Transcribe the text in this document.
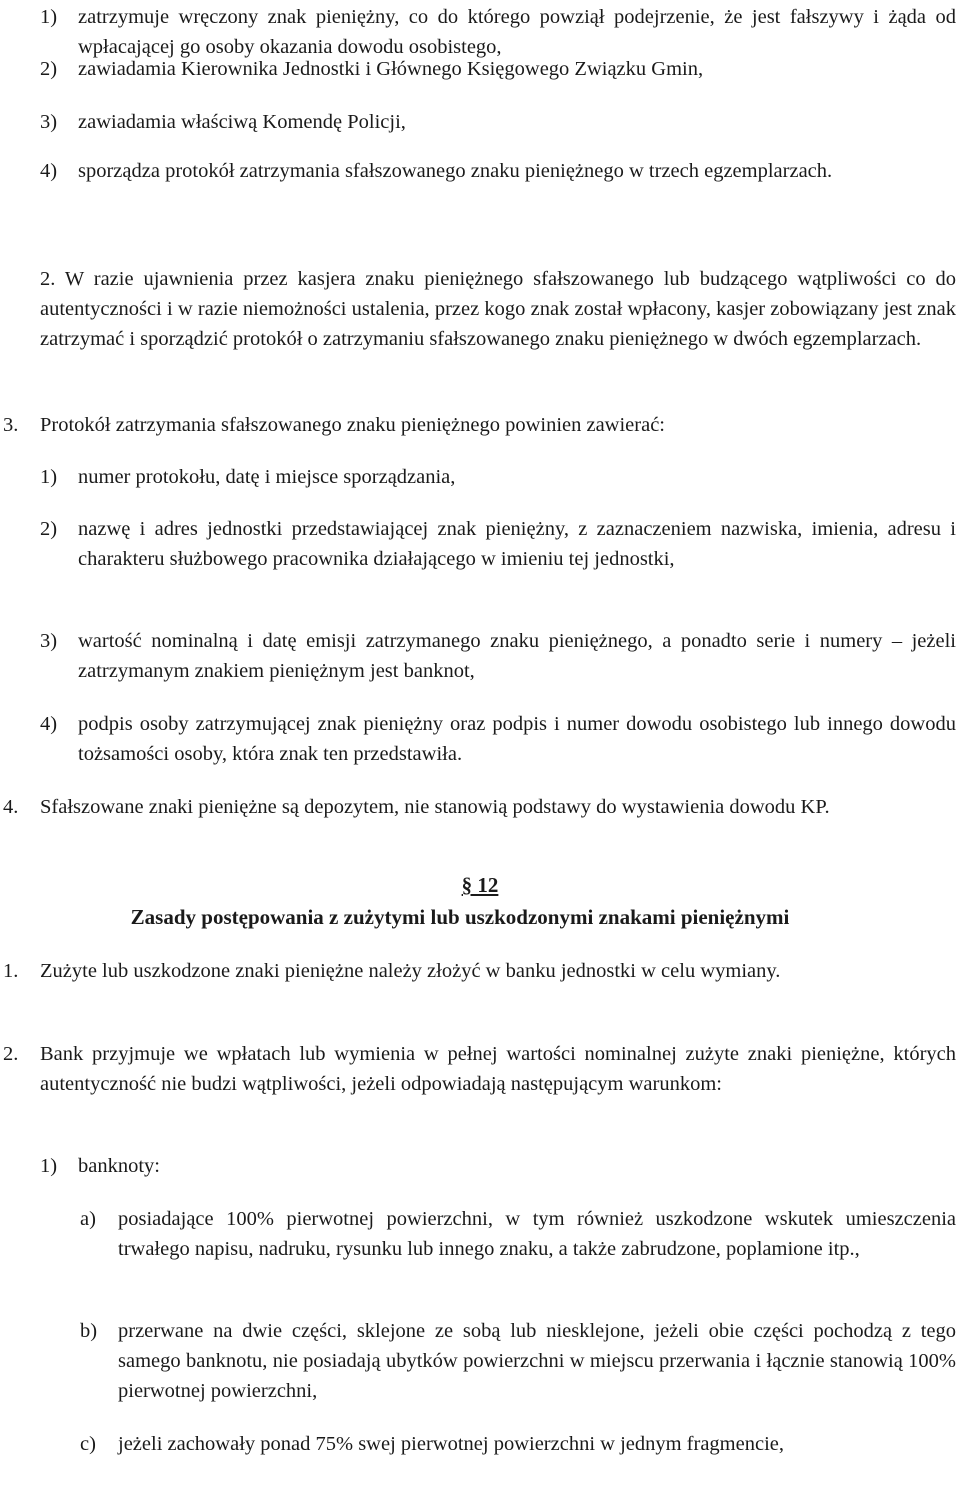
1) zatrzymuje wręczony znak pieniężny, co do którego powziął podejrzenie, że jest fałszywy i żąda od wpłacającej go osoby okazania dowodu osobistego,
2) zawiadamia Kierownika Jednostki i Głównego Księgowego Związku Gmin,
3) zawiadamia właściwą Komendę Policji,
4) sporządza protokół zatrzymania sfałszowanego znaku pieniężnego w trzech egzemplarzach.
2. W razie ujawnienia przez kasjera znaku pieniężnego sfałszowanego lub budzącego wątpliwości co do autentyczności i w razie niemożności ustalenia, przez kogo znak został wpłacony, kasjer zobowiązany jest znak zatrzymać i sporządzić protokół o zatrzymaniu sfałszowanego znaku pieniężnego w dwóch egzemplarzach.
3. Protokół zatrzymania sfałszowanego znaku pieniężnego powinien zawierać:
1) numer protokołu, datę i miejsce sporządzania,
2) nazwę i adres jednostki przedstawiającej znak pieniężny, z zaznaczeniem nazwiska, imienia, adresu i charakteru służbowego pracownika działającego w imieniu tej jednostki,
3) wartość nominalną i datę emisji zatrzymanego znaku pieniężnego, a ponadto serie i numery – jeżeli zatrzymanym znakiem pieniężnym jest banknot,
4) podpis osoby zatrzymującej znak pieniężny oraz podpis i numer dowodu osobistego lub innego dowodu tożsamości osoby, która znak ten przedstawiła.
4. Sfałszowane znaki pieniężne są depozytem, nie stanowią podstawy do wystawienia dowodu KP.
§ 12
Zasady postępowania z zużytymi lub uszkodzonymi znakami pieniężnymi
1. Zużyte lub uszkodzone znaki pieniężne należy złożyć w banku jednostki w celu wymiany.
2. Bank przyjmuje we wpłatach lub wymienia w pełnej wartości nominalnej zużyte znaki pieniężne, których autentyczność nie budzi wątpliwości, jeżeli odpowiadają następującym warunkom:
1) banknoty:
a) posiadające 100% pierwotnej powierzchni, w tym również uszkodzone wskutek umieszczenia trwałego napisu, nadruku, rysunku lub innego znaku, a także zabrudzone, poplamione itp.,
b) przerwane na dwie części, sklejone ze sobą lub niesklejone, jeżeli obie części pochodzą z tego samego banknotu, nie posiadają ubytków powierzchni w miejscu przerwania i łącznie stanowią 100% pierwotnej powierzchni,
c) jeżeli zachowały ponad 75% swej pierwotnej powierzchni w jednym fragmencie,
